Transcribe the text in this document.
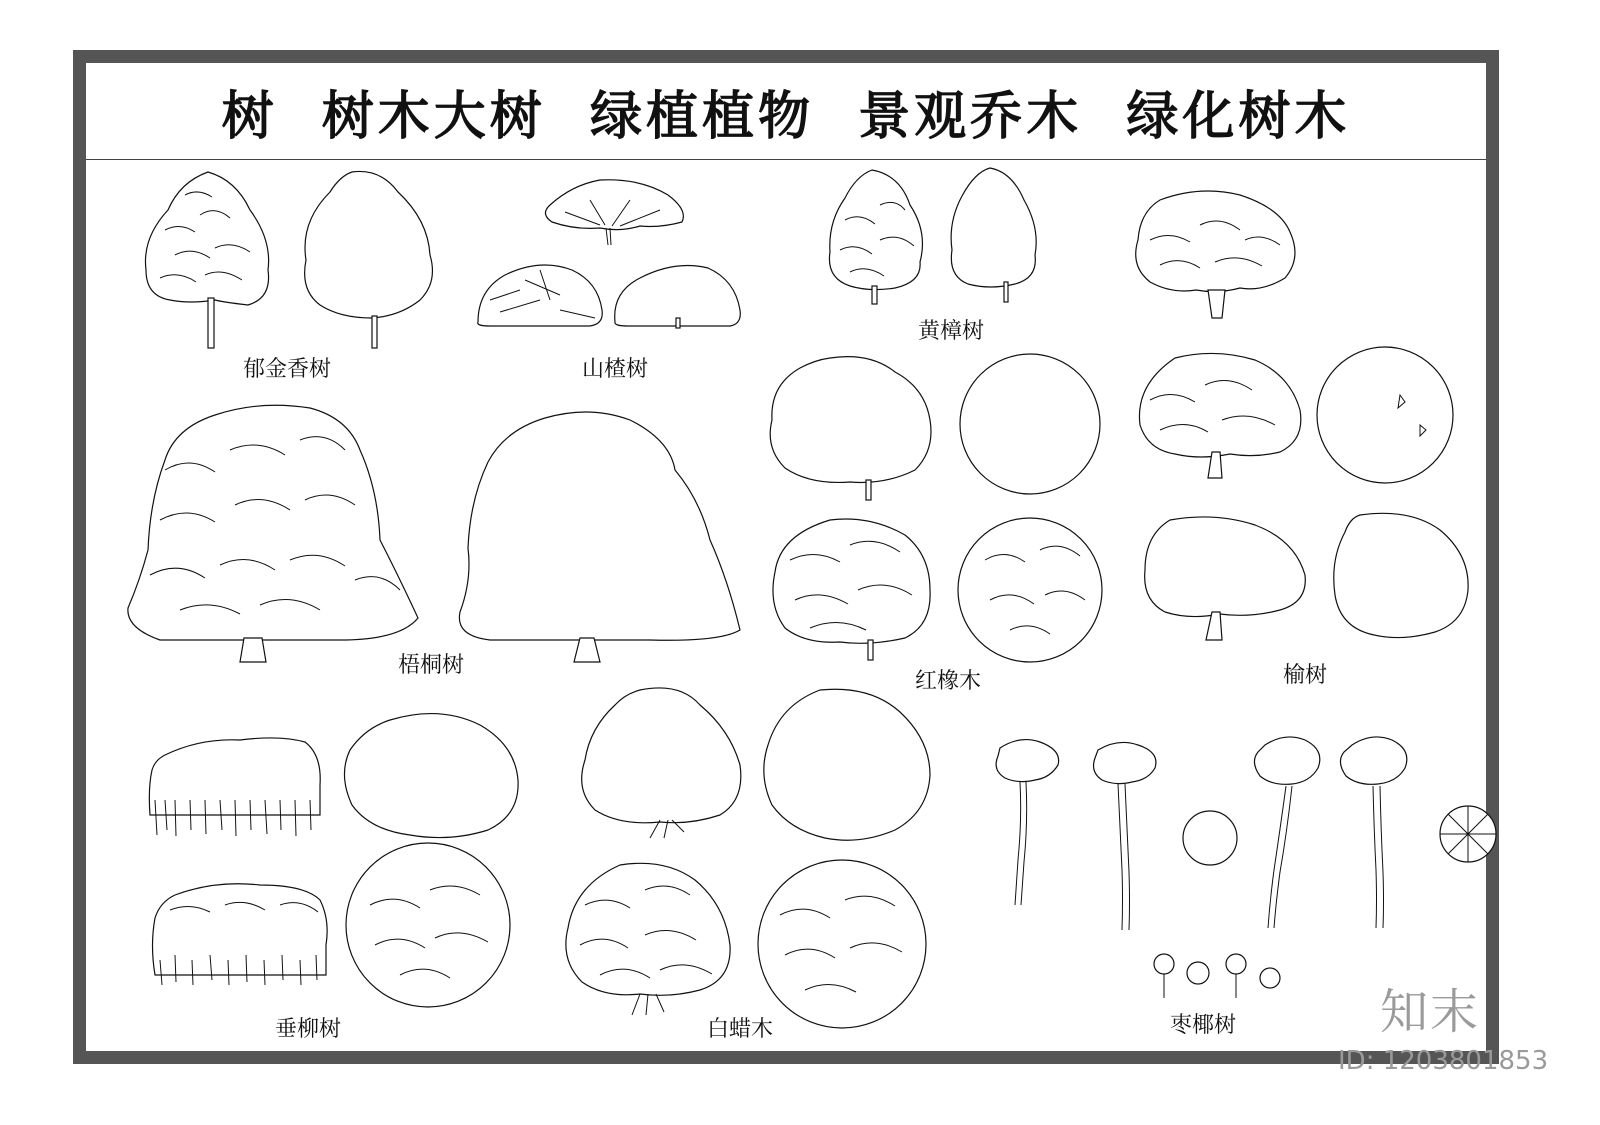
树  树木大树  绿植植物  景观乔木  绿化树木
郁金香树	山楂树
黄樟树
梧桐树
红橡木	榆树
垂柳树	白蜡木	枣椰树	知末
ID: 1203801853
